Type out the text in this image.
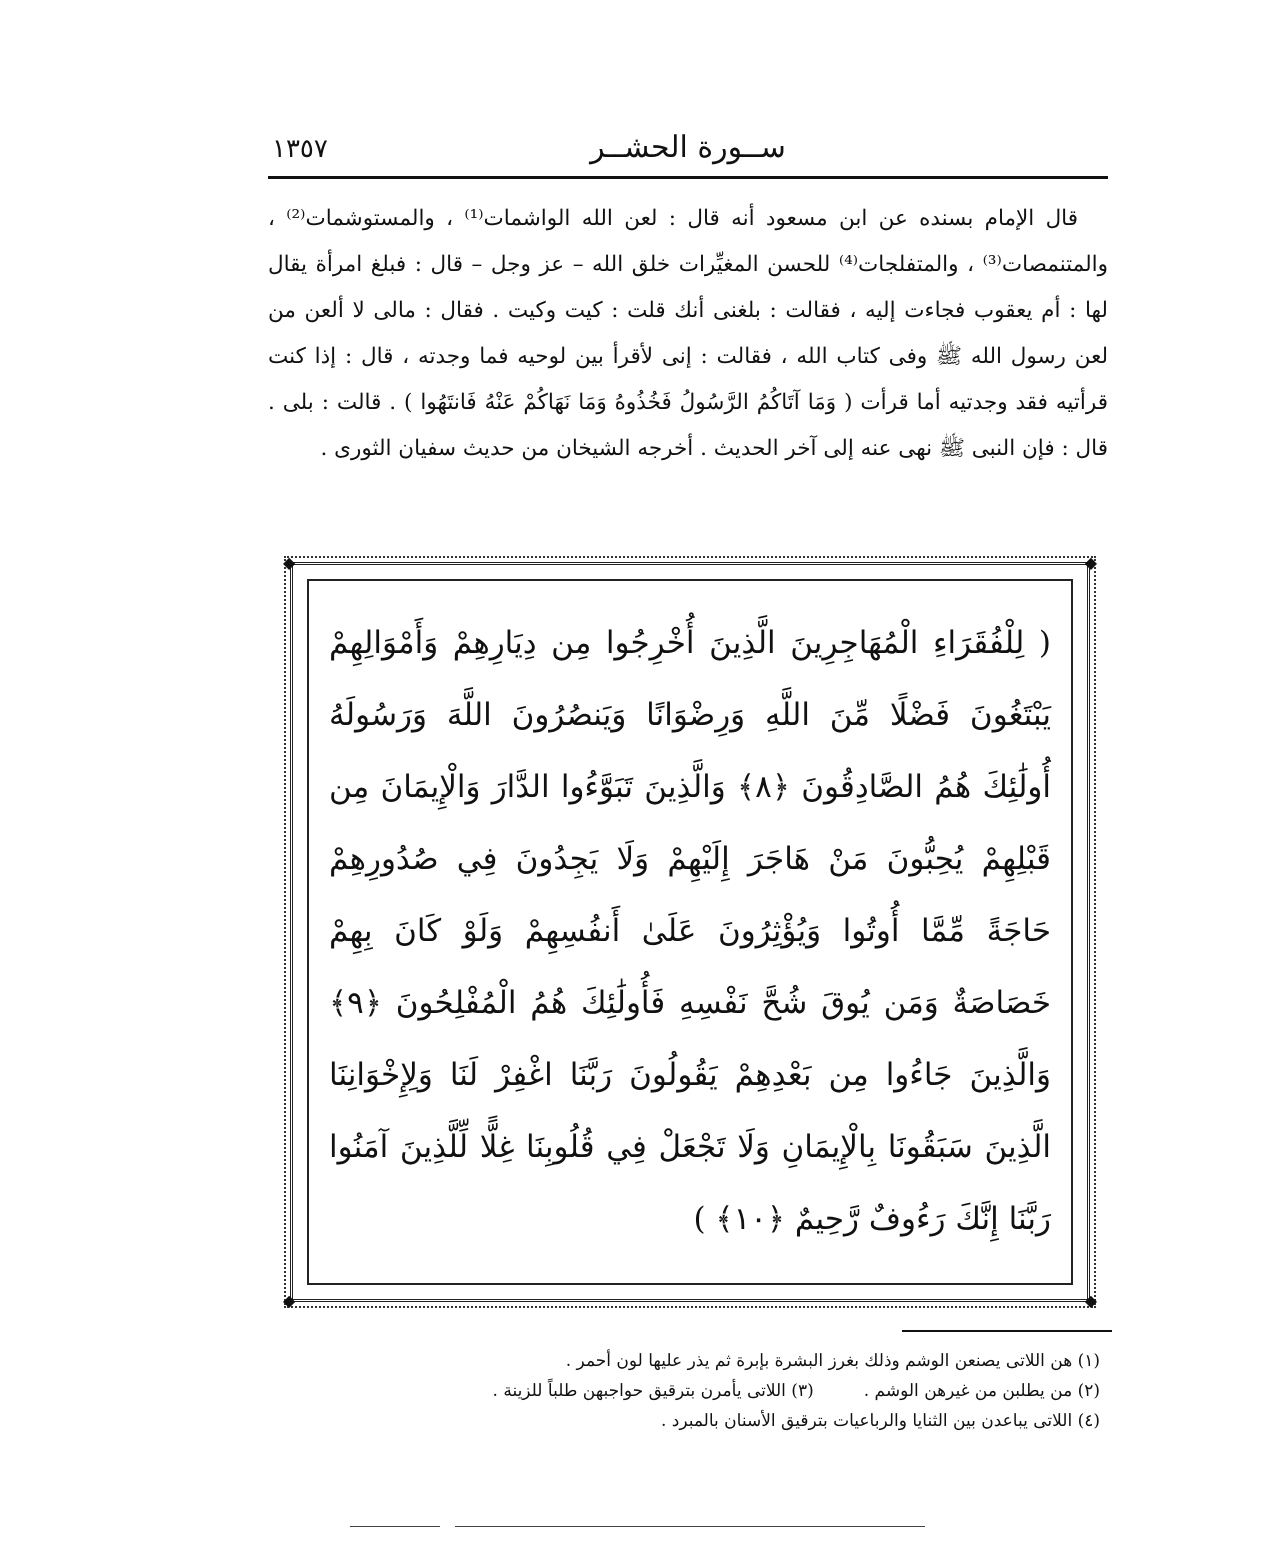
ســورة الحشــر
١٣٥٧

قال الإمام بسنده عن ابن مسعود أنه قال : لعن الله الواشمات⁽¹⁾ ، والمستوشمات⁽²⁾ ، والمتنمصات⁽³⁾ ، والمتفلجات⁽⁴⁾ للحسن المغيِّرات خلق الله – عز وجل – قال : فبلغ امرأة يقال لها : أم يعقوب فجاءت إليه ، فقالت : بلغنى أنك قلت : كيت وكيت . فقال : مالى لا ألعن من لعن رسول الله ﷺ وفى كتاب الله ، فقالت : إنى لأقرأ بين لوحيه فما وجدته ، قال : إذا كنت قرأتيه فقد وجدتيه أما قرأت ( وَمَا آتَاكُمُ الرَّسُولُ فَخُذُوهُ وَمَا نَهَاكُمْ عَنْهُ فَانتَهُوا ) . قالت : بلى . قال : فإن النبى ﷺ نهى عنه إلى آخر الحديث . أخرجه الشيخان من حديث سفيان الثورى .

◆	◆
◆	◆

( لِلْفُقَرَاءِ الْمُهَاجِرِينَ الَّذِينَ أُخْرِجُوا مِن دِيَارِهِمْ وَأَمْوَالِهِمْ يَبْتَغُونَ فَضْلًا مِّنَ اللَّهِ وَرِضْوَانًا وَيَنصُرُونَ اللَّهَ وَرَسُولَهُ أُولَٰئِكَ هُمُ الصَّادِقُونَ ﴿٨﴾ وَالَّذِينَ تَبَوَّءُوا الدَّارَ وَالْإِيمَانَ مِن قَبْلِهِمْ يُحِبُّونَ مَنْ هَاجَرَ إِلَيْهِمْ وَلَا يَجِدُونَ فِي صُدُورِهِمْ حَاجَةً مِّمَّا أُوتُوا وَيُؤْثِرُونَ عَلَىٰ أَنفُسِهِمْ وَلَوْ كَانَ بِهِمْ خَصَاصَةٌ وَمَن يُوقَ شُحَّ نَفْسِهِ فَأُولَٰئِكَ هُمُ الْمُفْلِحُونَ ﴿٩﴾ وَالَّذِينَ جَاءُوا مِن بَعْدِهِمْ يَقُولُونَ رَبَّنَا اغْفِرْ لَنَا وَلِإِخْوَانِنَا الَّذِينَ سَبَقُونَا بِالْإِيمَانِ وَلَا تَجْعَلْ فِي قُلُوبِنَا غِلًّا لِّلَّذِينَ آمَنُوا رَبَّنَا إِنَّكَ رَءُوفٌ رَّحِيمٌ ﴿١٠﴾ )

(١) هن اللاتى يصنعن الوشم وذلك بغرز البشرة بإبرة ثم يذر عليها لون أحمر .
(٢) من يطلبن من غيرهن الوشم .(٣) اللاتى يأمرن بترقيق حواجبهن طلباً للزينة .
(٤) اللاتى يباعدن بين الثنايا والرباعيات بترقيق الأسنان بالمبرد .
